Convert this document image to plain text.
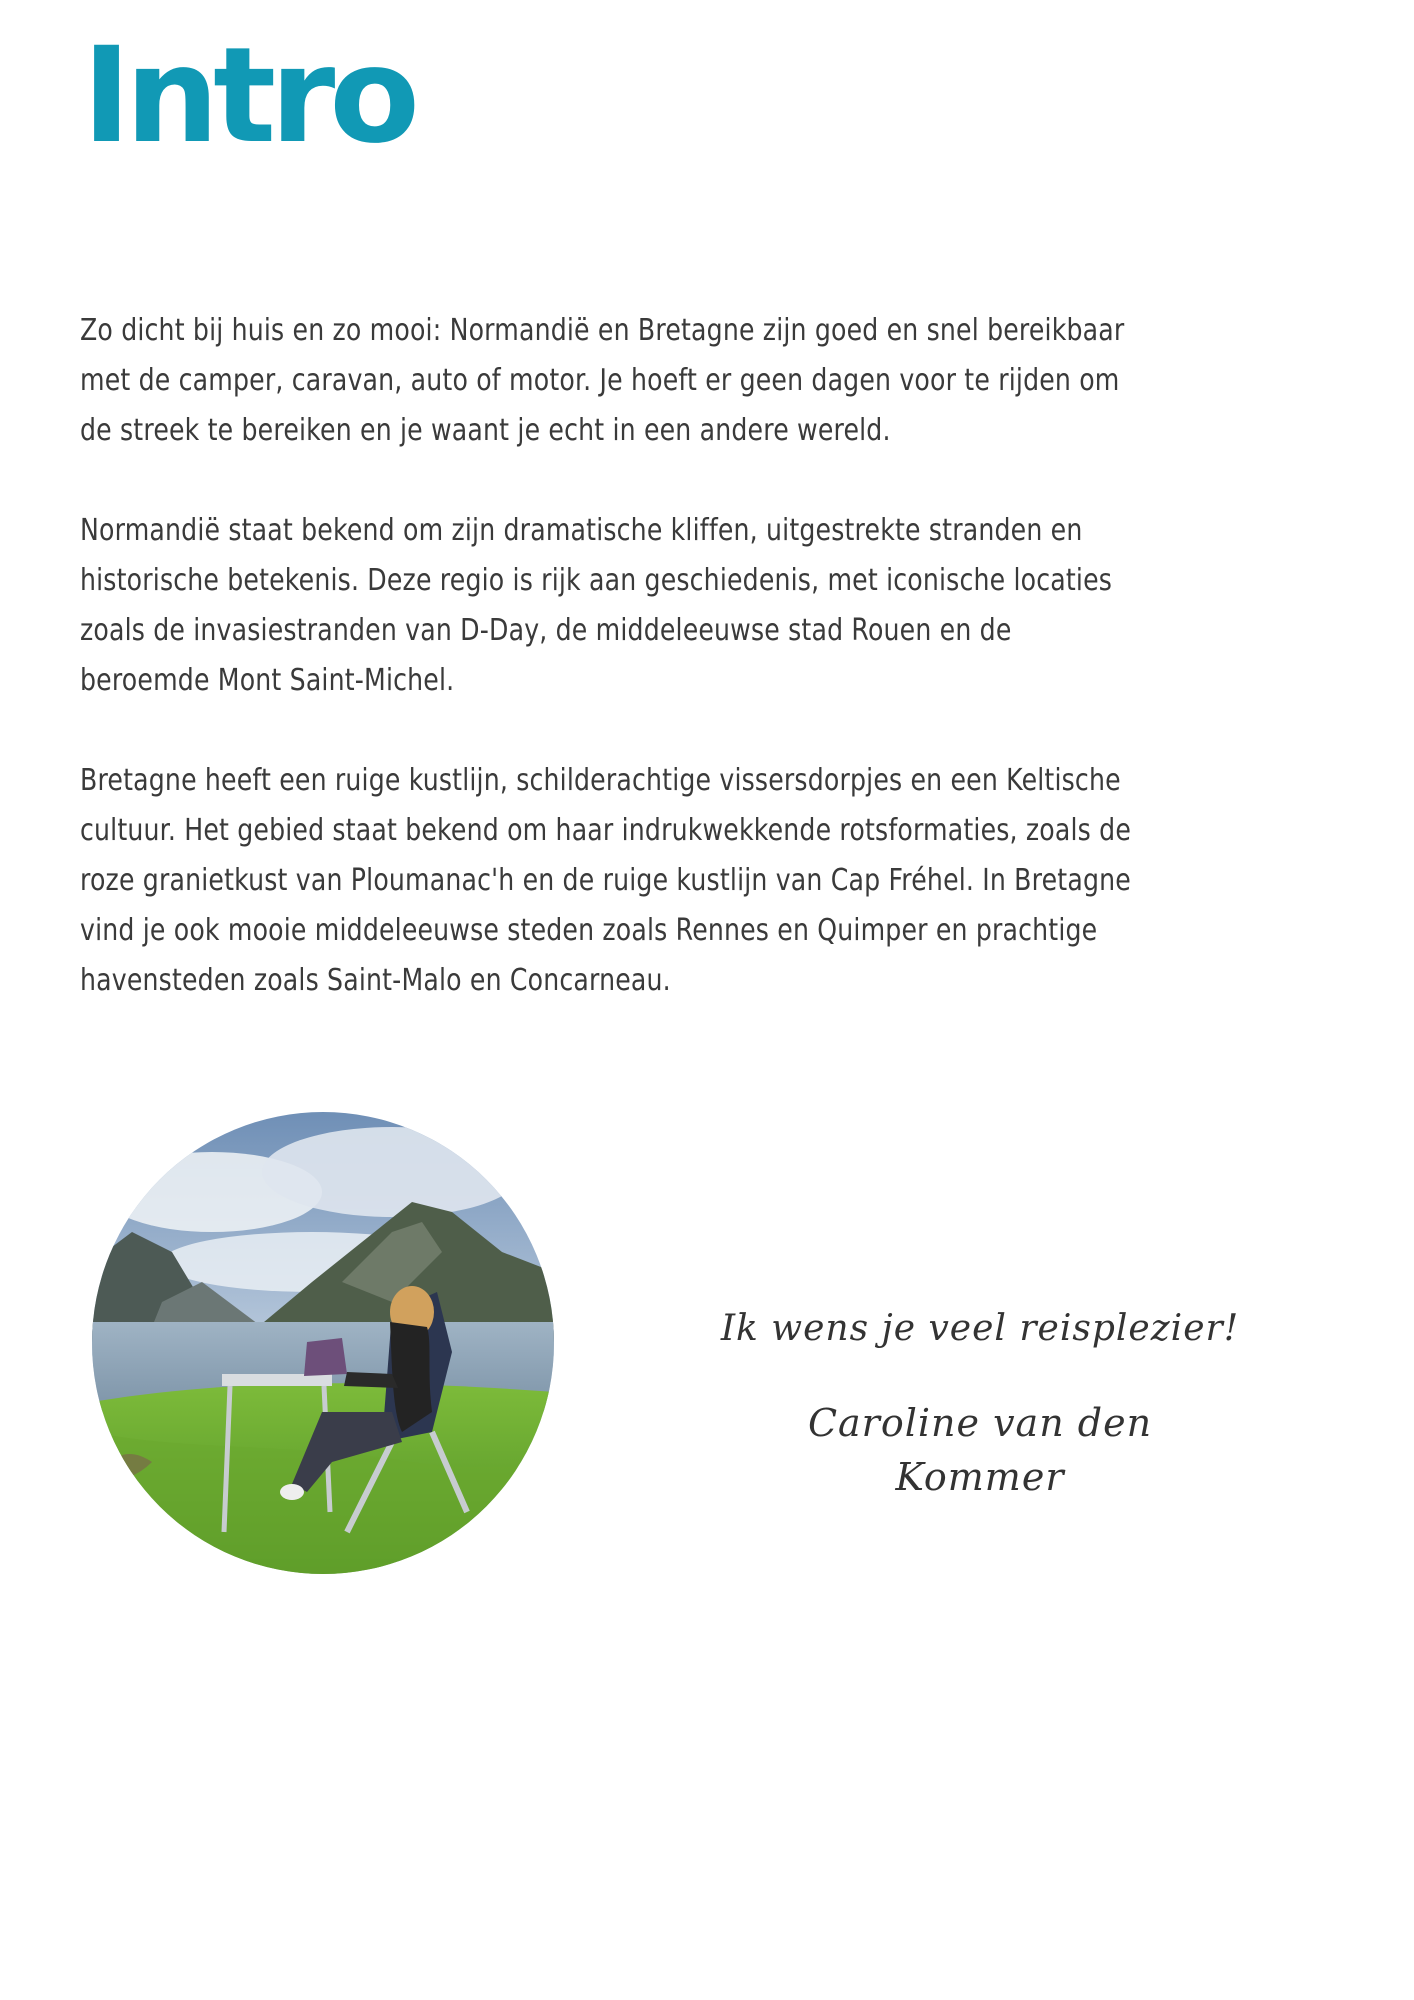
Intro

Zo dicht bij huis en zo mooi: Normandië en Bretagne zijn goed en snel bereikbaar met de camper, caravan, auto of motor. Je hoeft er geen dagen voor te rijden om de streek te bereiken en je waant je echt in een andere wereld.

Normandië staat bekend om zijn dramatische kliffen, uitgestrekte stranden en historische betekenis. Deze regio is rijk aan geschiedenis, met iconische locaties zoals de invasiestranden van D-Day, de middeleeuwse stad Rouen en de beroemde Mont Saint-Michel.

Bretagne heeft een ruige kustlijn, schilderachtige vissersdorpjes en een Keltische cultuur. Het gebied staat bekend om haar indrukwekkende rotsformaties, zoals de roze granietkust van Ploumanac'h en de ruige kustlijn van Cap Fréhel. In Bretagne vind je ook mooie middeleeuwse steden zoals Rennes en Quimper en prachtige havensteden zoals Saint-Malo en Concarneau.

Ik wens je veel reisplezier!
Caroline van den Kommer
